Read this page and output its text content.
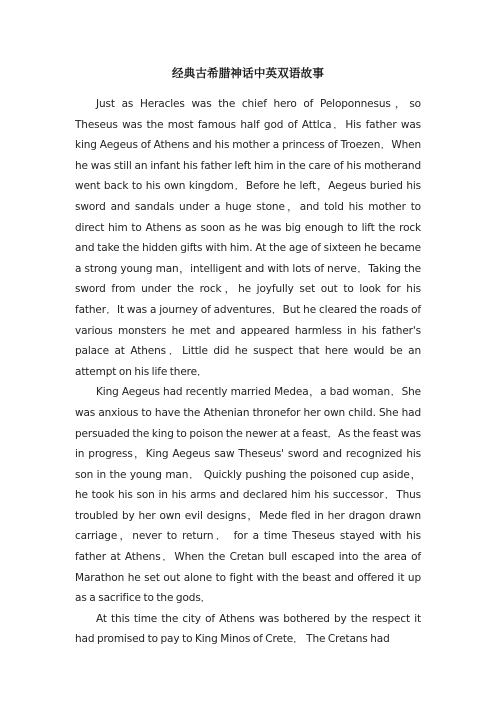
经典古希腊神话中英双语故事

Just as Heracles was the chief hero of Peloponnesus，so Theseus was the most famous half god of Attlca．His father was king Aegeus of Athens and his mother a princess of Troezen．When he was still an infant his father left him in the care of his motherand went back to his own kingdom．Before he left，Aegeus buried his sword and sandals under a huge stone，and told his mother to direct him to Athens as soon as he was big enough to lift the rock and take the hidden gifts with him. At the age of sixteen he became a strong young man，intelligent and with lots of nerve．Taking the sword from under the rock，he joyfully set out to look for his father．It was a journey of adventures．But he cleared the roads of various monsters he met and appeared harmless in his father's palace at Athens．Little did he suspect that here would be an attempt on his life there．

King Aegeus had recently married Medea，a bad woman．She was anxious to have the Athenian thronefor her own child. She had persuaded the king to poison the newer at a feast．As the feast was in progress，King Aegeus saw Theseus' sword and recognized his son in the young man． Quickly pushing the poisoned cup aside，he took his son in his arms and declared him his successor．Thus troubled by her own evil designs，Mede fled in her dragon drawn carriage，never to return． for a time Theseus stayed with his father at Athens．When the Cretan bull escaped into the area of Marathon he set out alone to fight with the beast and offered it up as a sacrifice to the gods．

At this time the city of Athens was bothered by the respect it had promised to pay to King Minos of Crete． The Cretans had
